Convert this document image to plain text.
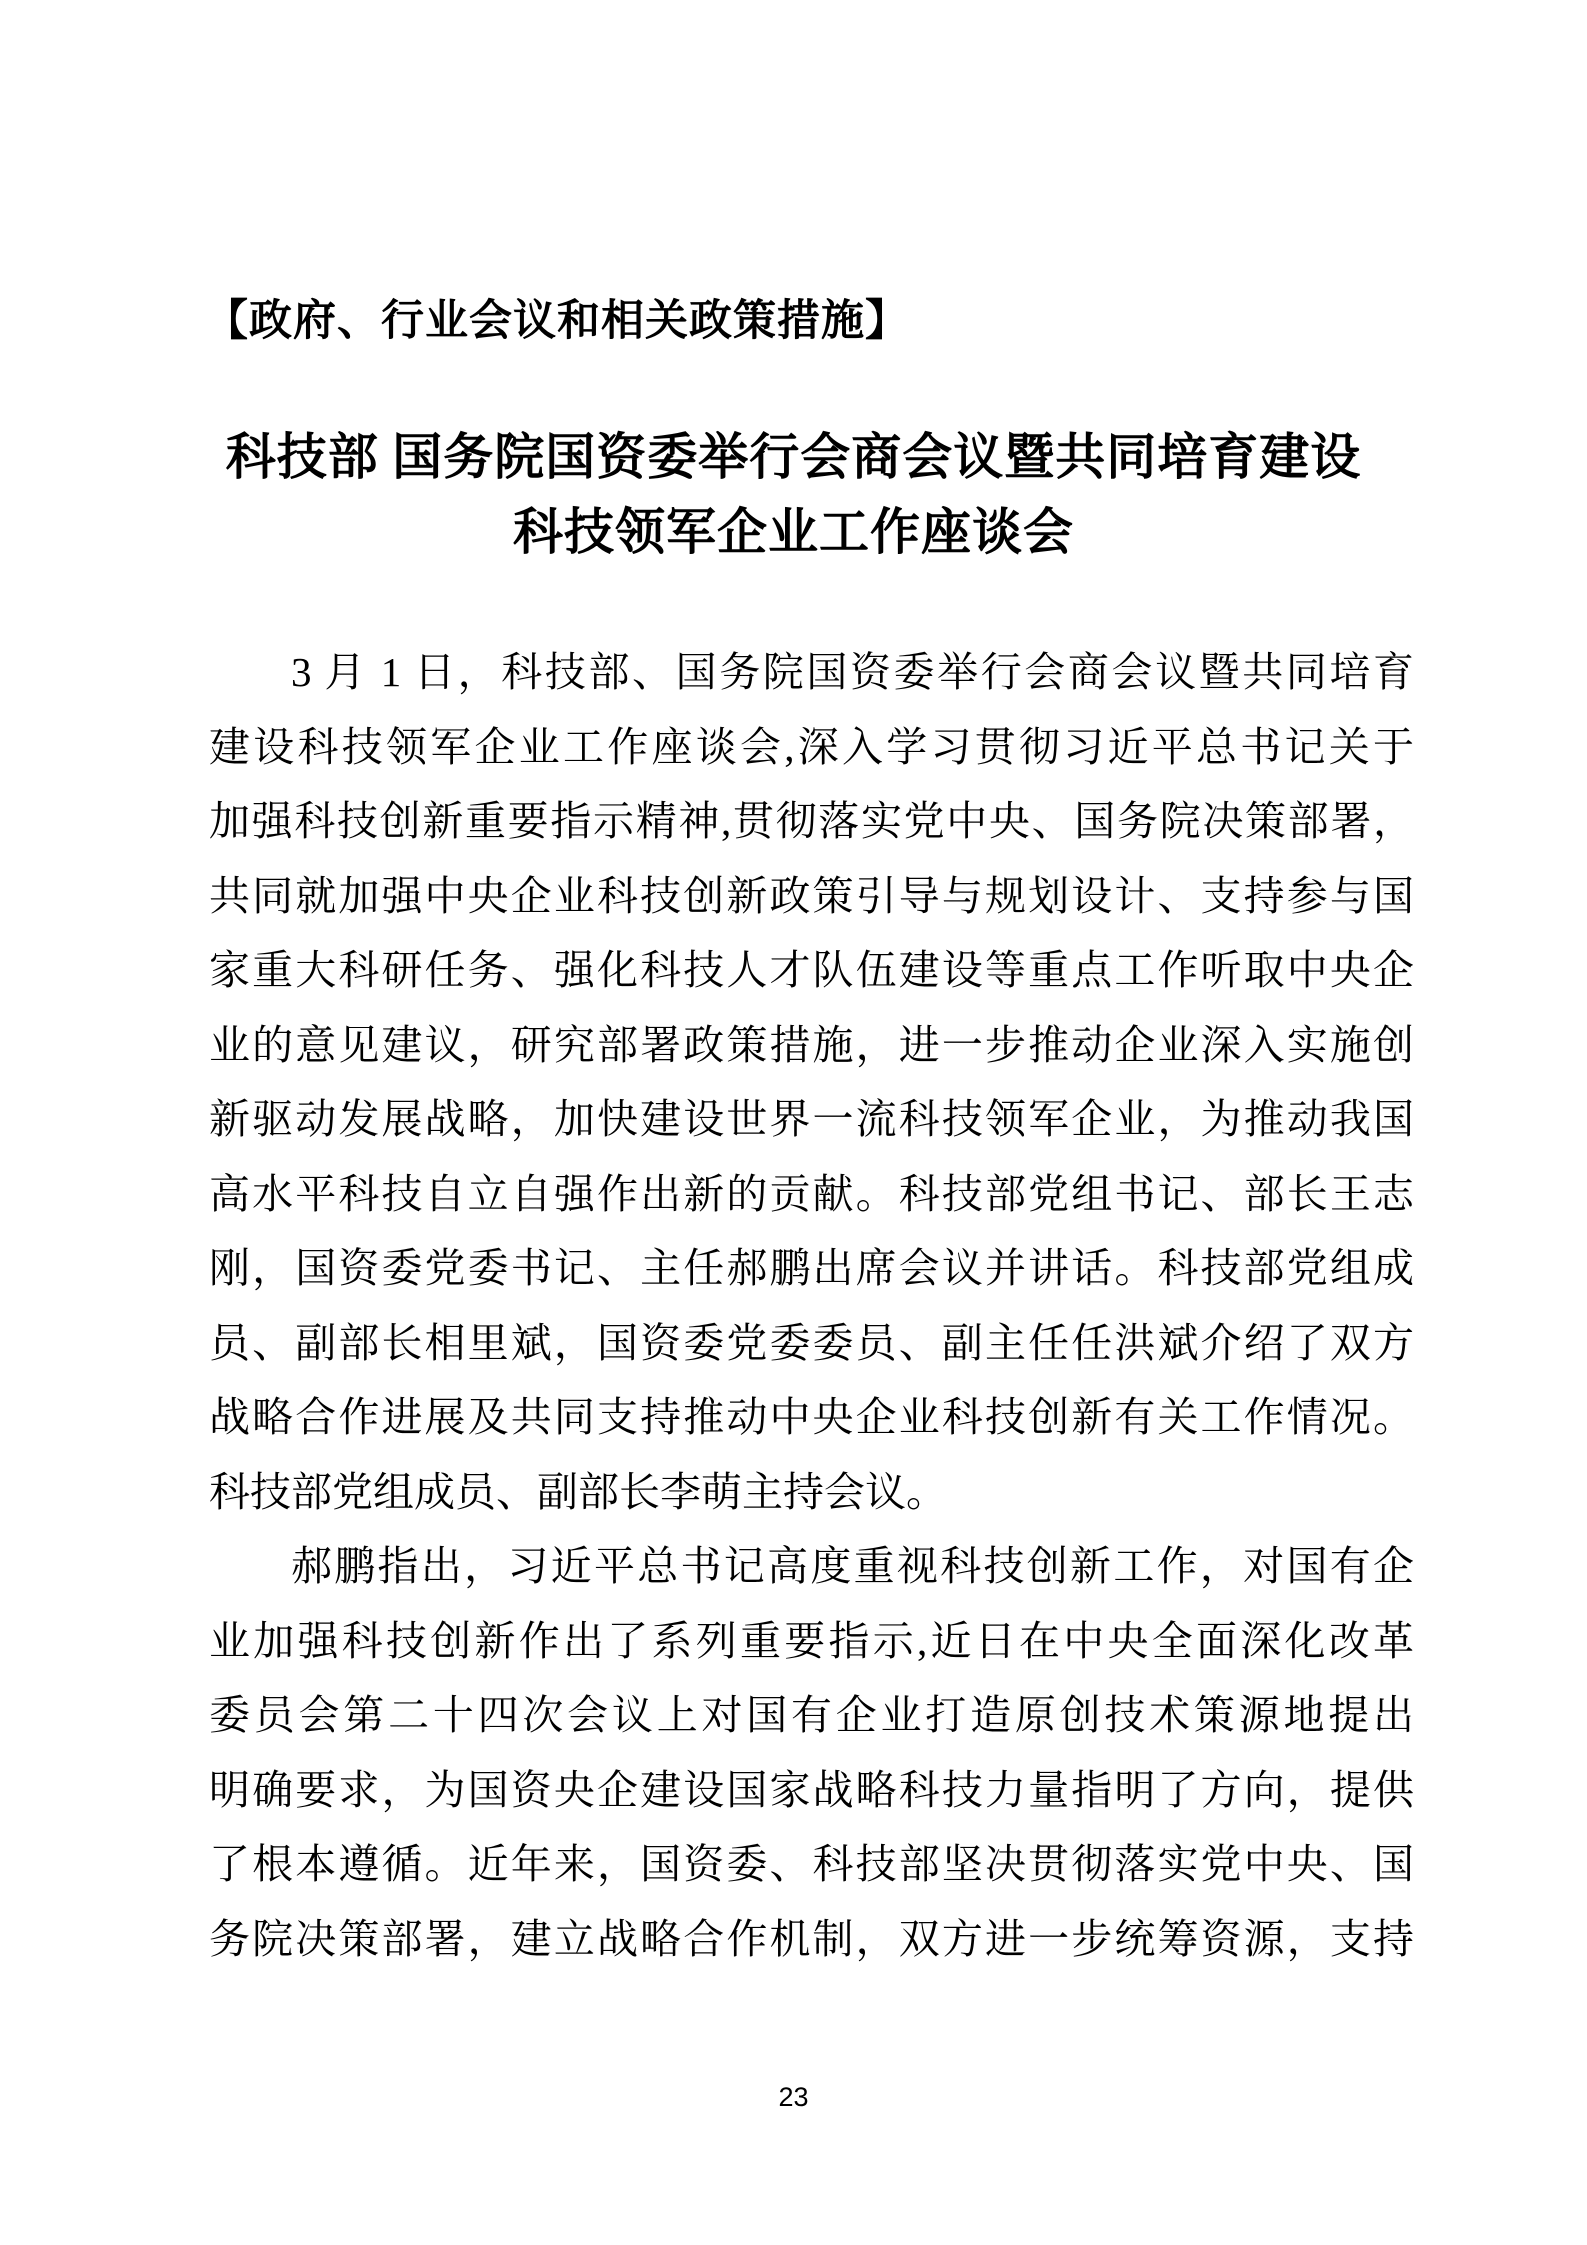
【政府、行业会议和相关政策措施】
科技部 国务院国资委举行会商会议暨共同培育建设
科技领军企业工作座谈会
3 月 1 日，科技部、国务院国资委举行会商会议暨共同培育
建设科技领军企业工作座谈会,深入学习贯彻习近平总书记关于
加强科技创新重要指示精神,贯彻落实党中央、国务院决策部署，
共同就加强中央企业科技创新政策引导与规划设计、支持参与国
家重大科研任务、强化科技人才队伍建设等重点工作听取中央企
业的意见建议，研究部署政策措施，进一步推动企业深入实施创
新驱动发展战略，加快建设世界一流科技领军企业，为推动我国
高水平科技自立自强作出新的贡献。科技部党组书记、部长王志
刚，国资委党委书记、主任郝鹏出席会议并讲话。科技部党组成
员、副部长相里斌，国资委党委委员、副主任任洪斌介绍了双方
战略合作进展及共同支持推动中央企业科技创新有关工作情况。
科技部党组成员、副部长李萌主持会议。
郝鹏指出，习近平总书记高度重视科技创新工作，对国有企
业加强科技创新作出了系列重要指示,近日在中央全面深化改革
委员会第二十四次会议上对国有企业打造原创技术策源地提出
明确要求，为国资央企建设国家战略科技力量指明了方向，提供
了根本遵循。近年来，国资委、科技部坚决贯彻落实党中央、国
务院决策部署，建立战略合作机制，双方进一步统筹资源，支持
23
